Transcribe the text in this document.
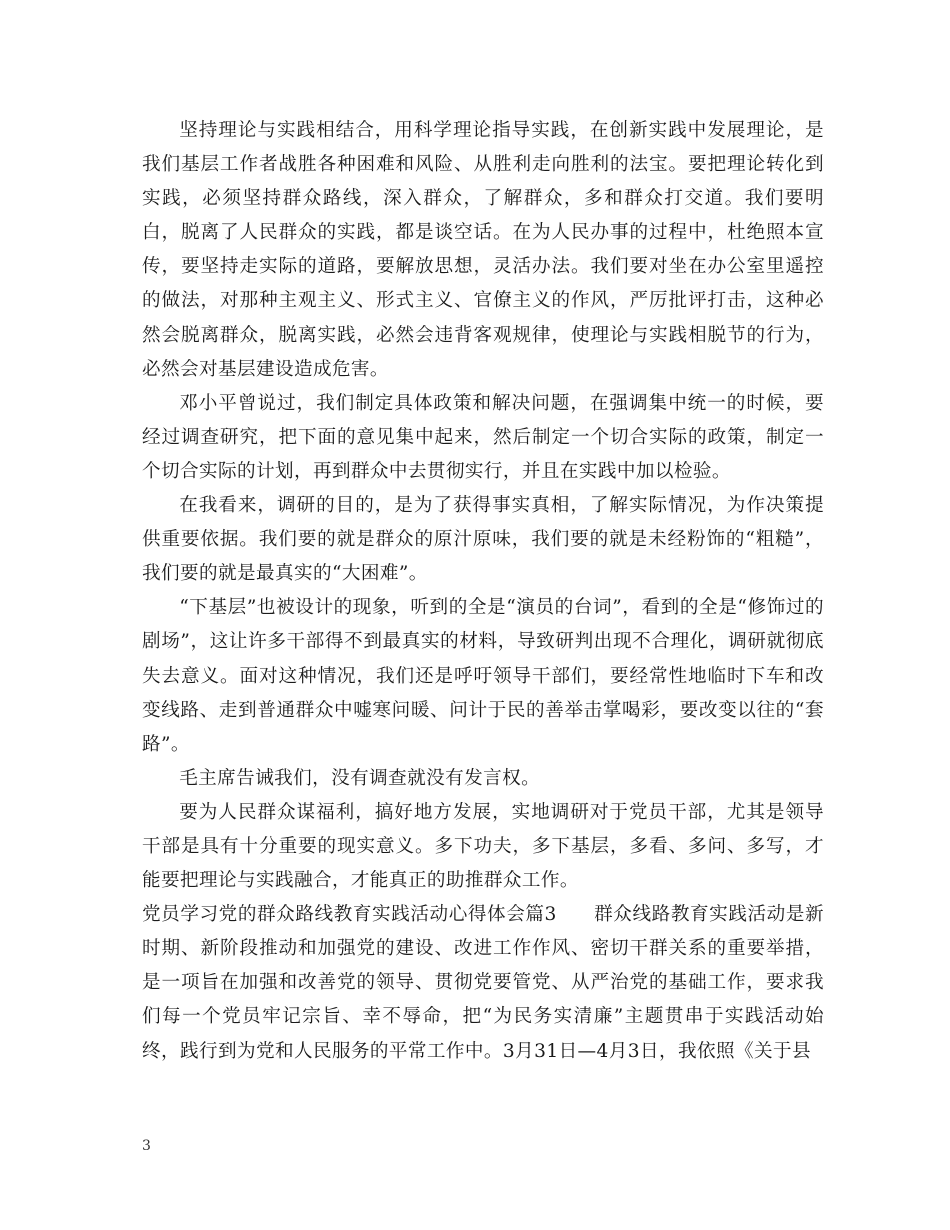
坚持理论与实践相结合，用科学理论指导实践，在创新实践中发展理论，是我们基层工作者战胜各种困难和风险、从胜利走向胜利的法宝。要把理论转化到实践，必须坚持群众路线，深入群众，了解群众，多和群众打交道。我们要明白，脱离了人民群众的实践，都是谈空话。在为人民办事的过程中，杜绝照本宣传，要坚持走实际的道路，要解放思想，灵活办法。我们要对坐在办公室里遥控的做法，对那种主观主义、形式主义、官僚主义的作风，严厉批评打击，这种必然会脱离群众，脱离实践，必然会违背客观规律，使理论与实践相脱节的行为，必然会对基层建设造成危害。

邓小平曾说过，我们制定具体政策和解决问题，在强调集中统一的时候，要经过调查研究，把下面的意见集中起来，然后制定一个切合实际的政策，制定一个切合实际的计划，再到群众中去贯彻实行，并且在实践中加以检验。

在我看来，调研的目的，是为了获得事实真相，了解实际情况，为作决策提供重要依据。我们要的就是群众的原汁原味，我们要的就是未经粉饰的“粗糙”，我们要的就是最真实的“大困难”。

“下基层”也被设计的现象，听到的全是“演员的台词”，看到的全是“修饰过的剧场”，这让许多干部得不到最真实的材料，导致研判出现不合理化，调研就彻底失去意义。面对这种情况，我们还是呼吁领导干部们，要经常性地临时下车和改变线路、走到普通群众中嘘寒问暖、问计于民的善举击掌喝彩，要改变以往的“套路”。

毛主席告诫我们，没有调查就没有发言权。

要为人民群众谋福利，搞好地方发展，实地调研对于党员干部，尤其是领导干部是具有十分重要的现实意义。多下功夫，多下基层，多看、多问、多写，才能要把理论与实践融合，才能真正的助推群众工作。

党员学习党的群众路线教育实践活动心得体会篇3 群众线路教育实践活动是新时期、新阶段推动和加强党的建设、改进工作作风、密切干群关系的重要举措，是一项旨在加强和改善党的领导、贯彻党要管党、从严治党的基础工作，要求我们每一个党员牢记宗旨、幸不辱命，把“为民务实清廉”主题贯串于实践活动始终，践行到为党和人民服务的平常工作中。3月31日—4月3日，我依照《关于县

3
